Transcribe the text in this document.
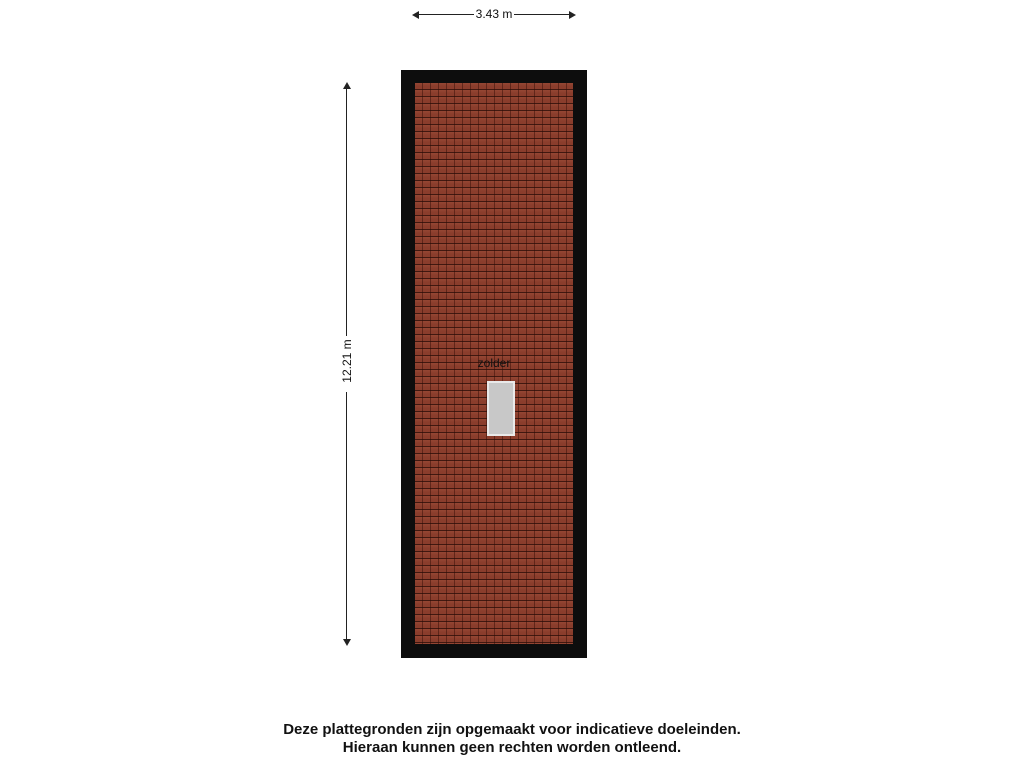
3.43 m
12.21 m	zolder
Deze plattegronden zijn opgemaakt voor indicatieve doeleinden.
Hieraan kunnen geen rechten worden ontleend.
